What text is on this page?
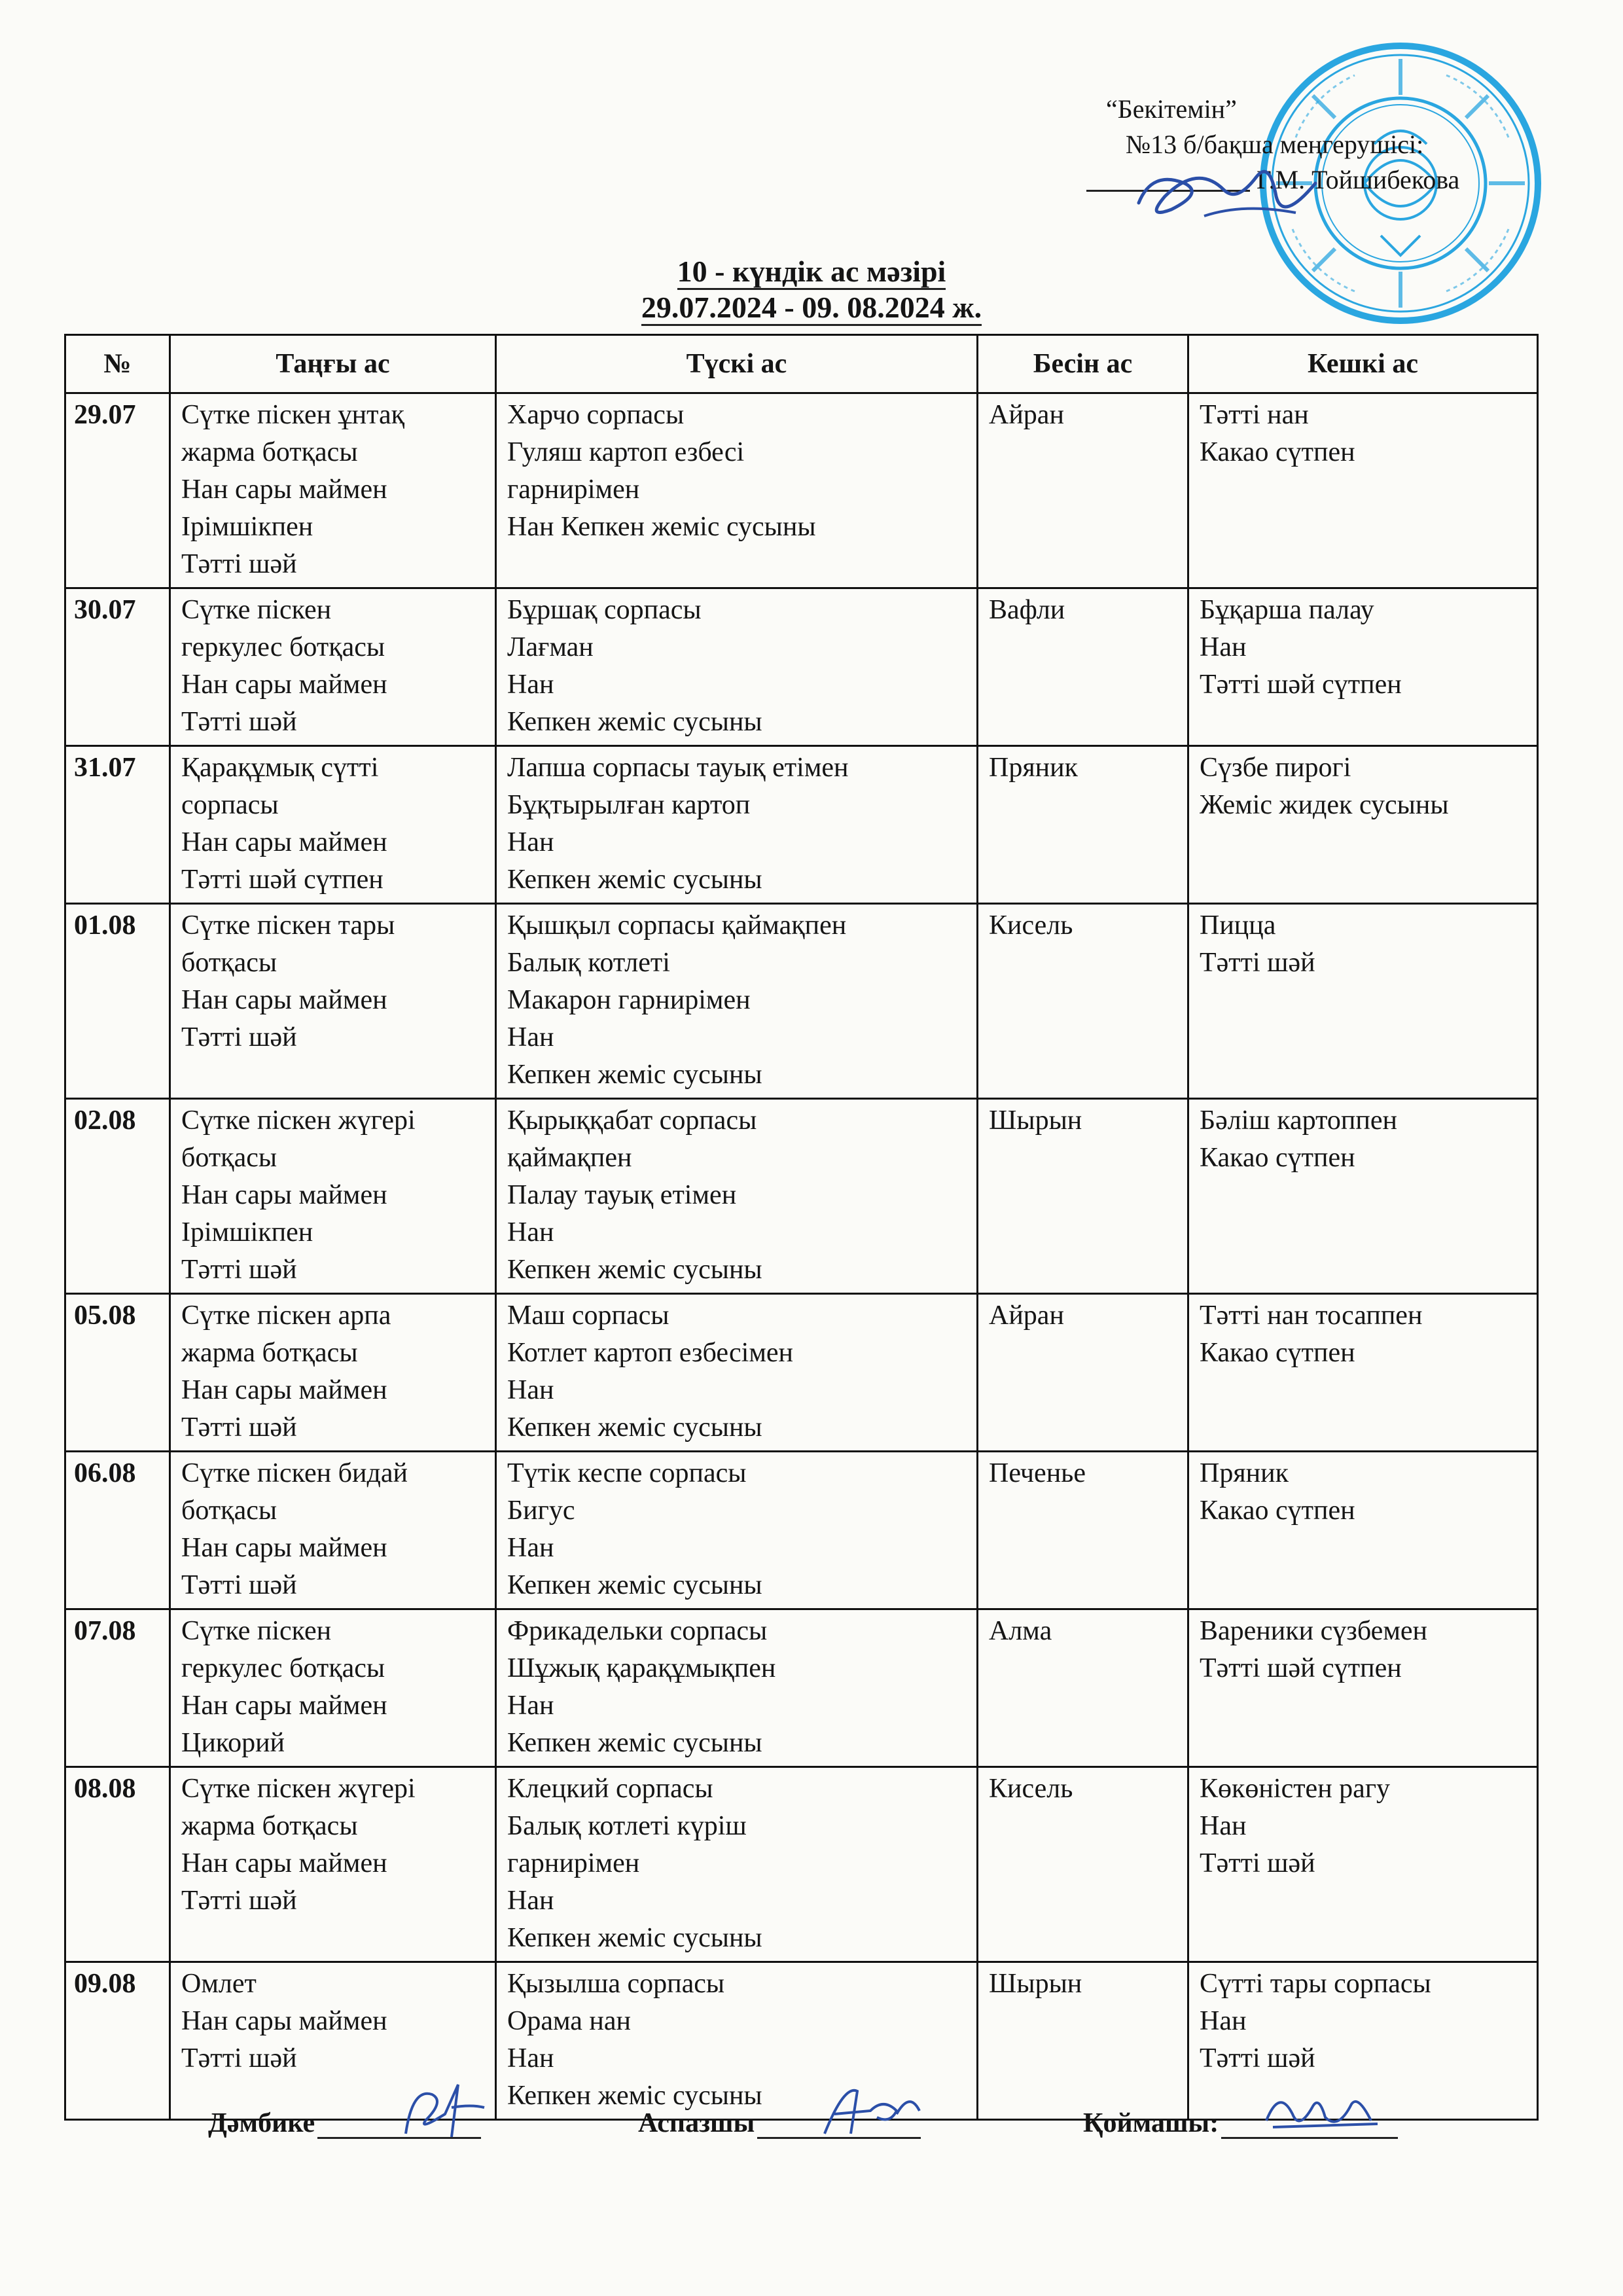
“Бекітемін”
№13 б/бақша меңгерушісі:
Г.М. Тойшибекова
10 - күндік ас мәзірі
29.07.2024 - 09. 08.2024 ж.
№	Таңғы ас	Түскі ас	Бесін ас	Кешкі ас
29.07	Сүтке піскен ұнтақ
жарма ботқасы
Нан сары маймен
Ірімшікпен
Тәтті шәй	Харчо сорпасы
Гуляш картоп езбесі
гарнирімен
Нан Кепкен жеміс сусыны	Айран	Тәтті нан
Какао сүтпен

30.07	Сүтке піскен
геркулес ботқасы
Нан сары маймен
Тәтті шәй	Бұршақ сорпасы
Лағман
Нан
Кепкен жеміс сусыны	Вафли	Бұқарша палау
Нан
Тәтті шәй сүтпен

31.07	Қарақұмық сүтті
сорпасы
Нан сары маймен
Тәтті шәй сүтпен	Лапша сорпасы тауық етімен
Бұқтырылған картоп
Нан
Кепкен жеміс сусыны	Пряник	Сүзбе пирогі
Жеміс жидек сусыны

01.08	Сүтке піскен тары
ботқасы
Нан сары маймен
Тәтті шәй	Қышқыл сорпасы қаймақпен
Балық котлеті
Макарон гарнирімен
Нан
Кепкен жеміс сусыны	Кисель	Пицца
Тәтті шәй

02.08	Сүтке піскен жүгері
ботқасы
Нан сары маймен
Ірімшікпен
Тәтті шәй	Қырыққабат сорпасы
қаймақпен
Палау тауық етімен
Нан
Кепкен жеміс сусыны	Шырын	Бәліш картоппен
Какао сүтпен

05.08	Сүтке піскен арпа
жарма ботқасы
Нан сары маймен
Тәтті шәй	Маш сорпасы
Котлет картоп езбесімен
Нан
Кепкен жеміс сусыны	Айран	Тәтті нан тосаппен
Какао сүтпен

06.08	Сүтке піскен бидай
ботқасы
Нан сары маймен
Тәтті шәй	Түтік кеспе сорпасы
Бигус
Нан
Кепкен жеміс сусыны	Печенье	Пряник
Какао сүтпен

07.08	Сүтке піскен
геркулес ботқасы
Нан сары маймен
Цикорий	Фрикадельки сорпасы
Шұжық қарақұмықпен
Нан
Кепкен жеміс сусыны	Алма	Вареники сүзбемен
Тәтті шәй сүтпен

08.08	Сүтке піскен жүгері
жарма ботқасы
Нан сары маймен
Тәтті шәй	Клецкий сорпасы
Балық котлеті күріш
гарнирімен
Нан
Кепкен жеміс сусыны	Кисель	Көкөністен рагу
Нан
Тәтті шәй

09.08	Омлет
Нан сары маймен
Тәтті шәй	Қызылша сорпасы
Орама нан
Нан
Кепкен жеміс сусыны	Шырын	Сүтті тары сорпасы
Нан
Тәтті шәй
Дәмбике	Аспазшы	Қоймашы:
